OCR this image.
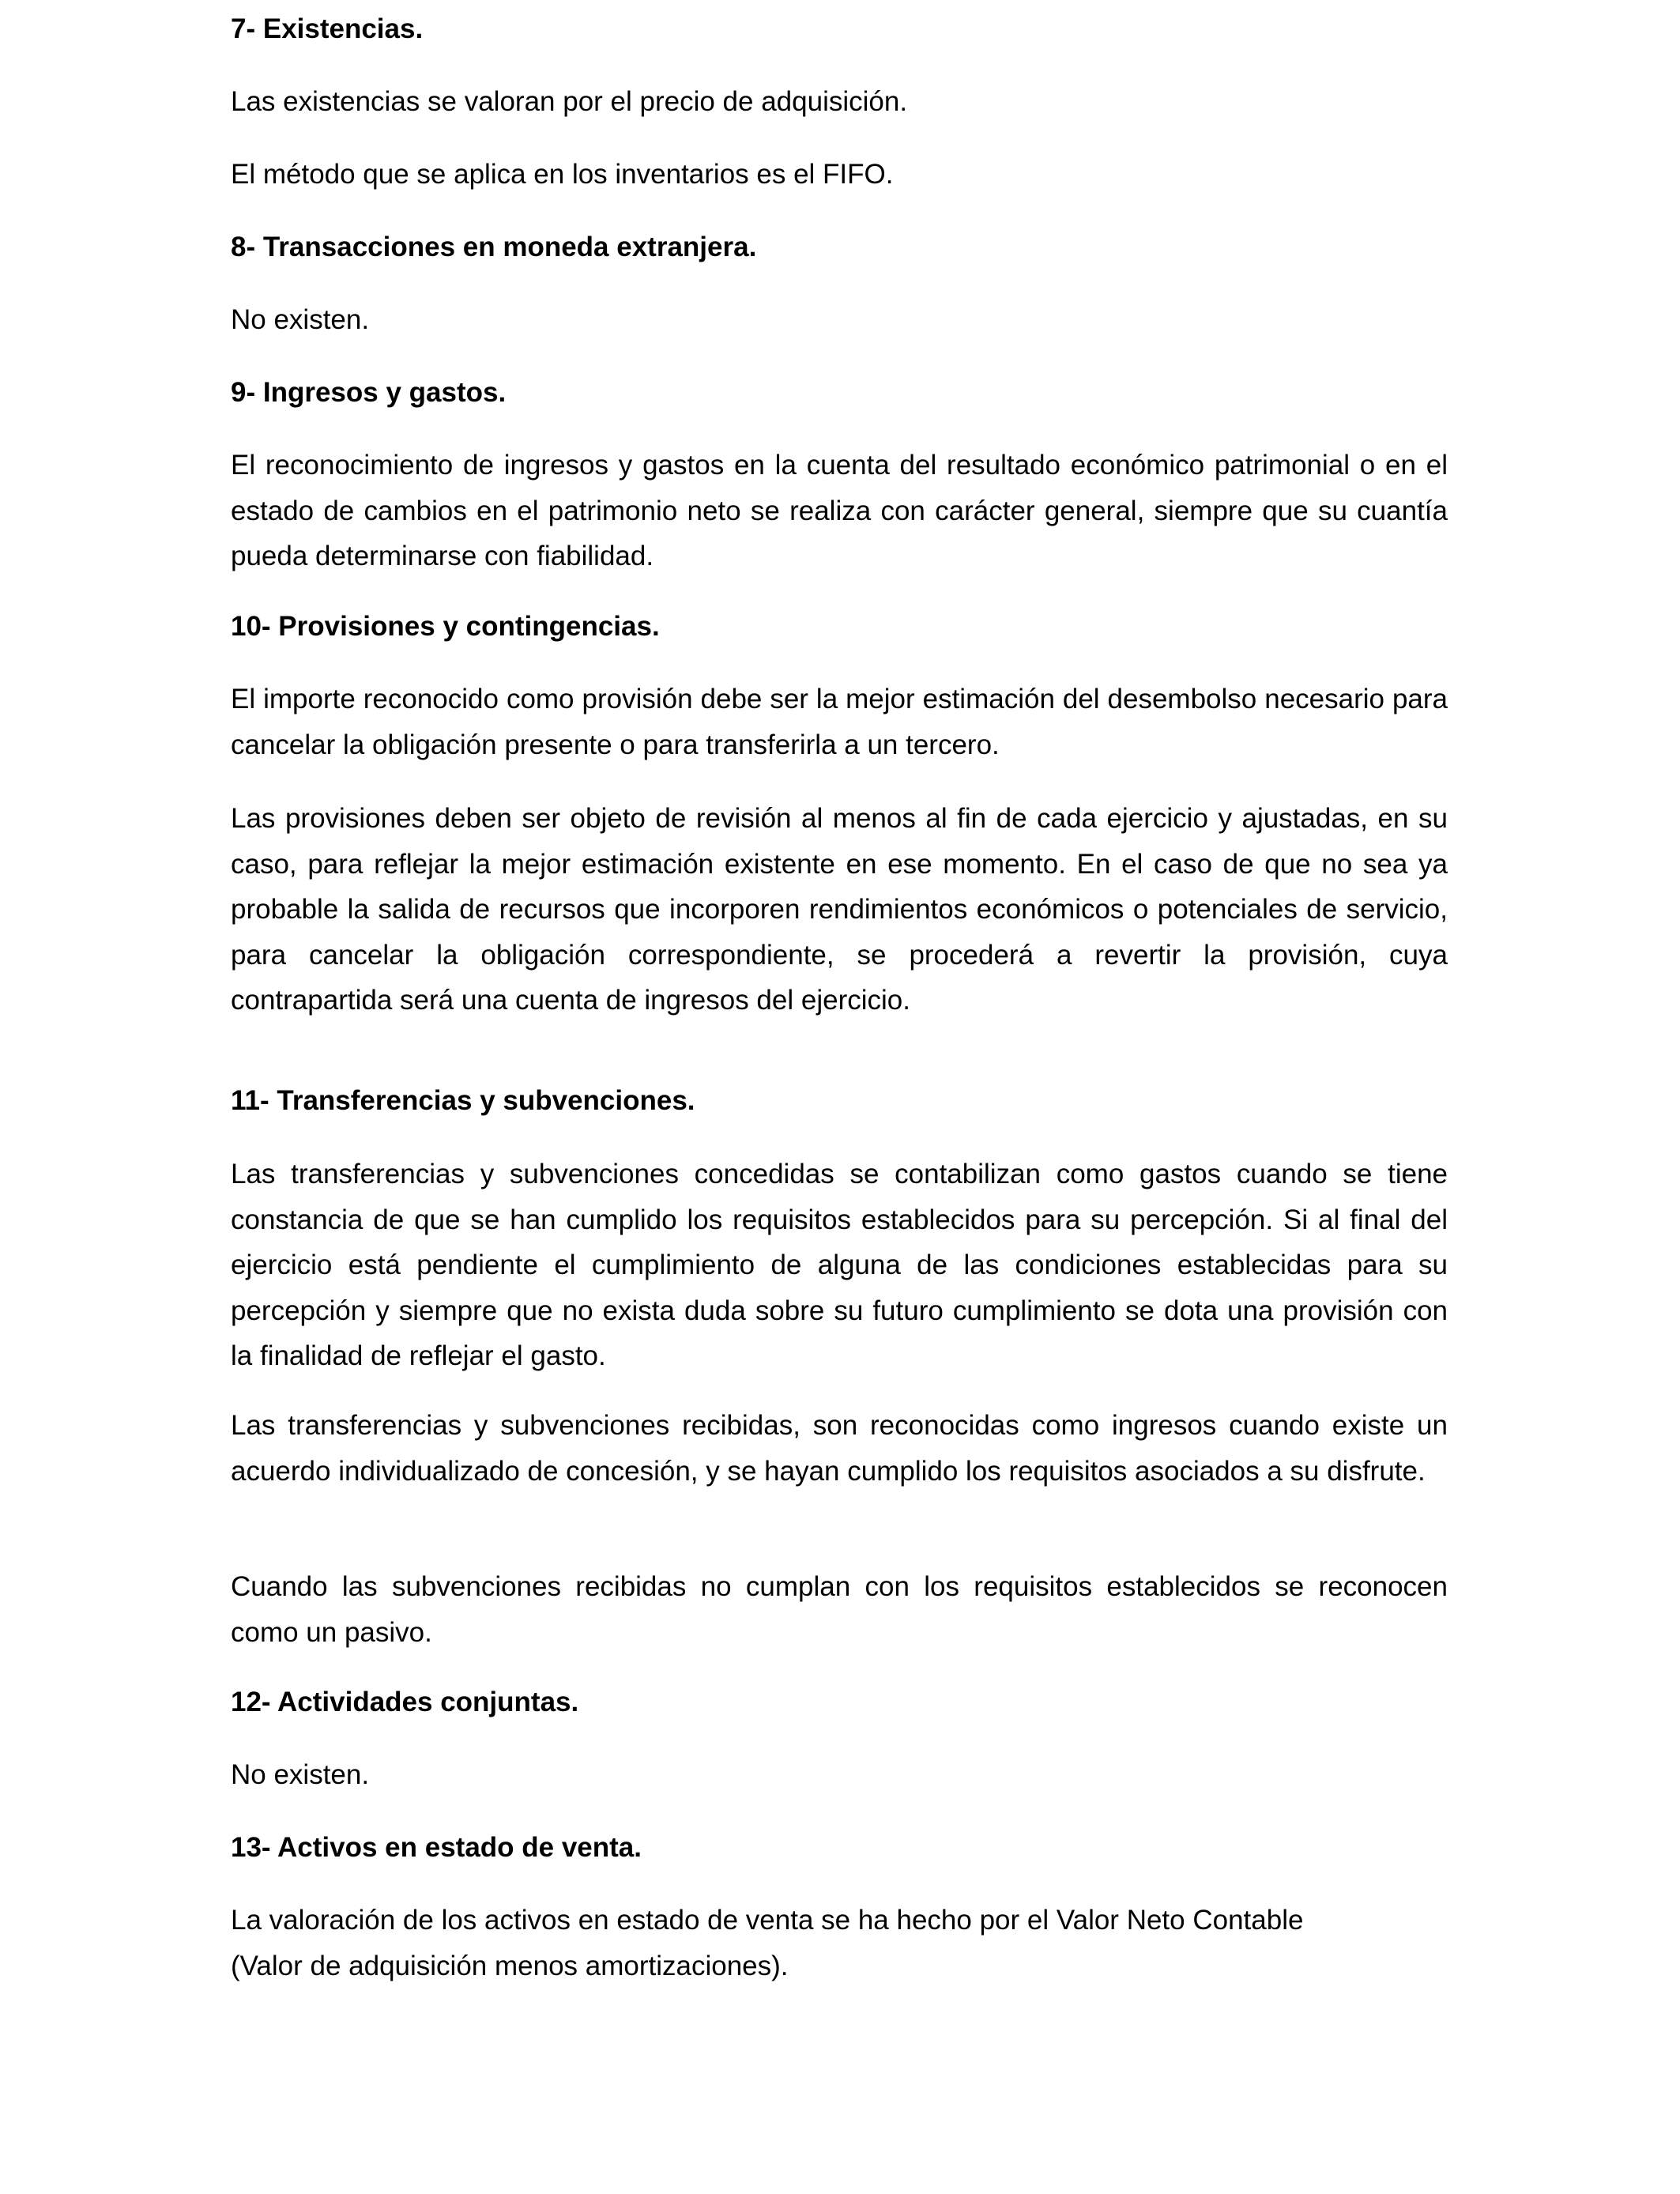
7- Existencias.

Las existencias se valoran por el precio de adquisición.

El método que se aplica en los inventarios es el FIFO.

8- Transacciones en moneda extranjera.

No existen.

9- Ingresos y gastos.

El reconocimiento de ingresos y gastos en la cuenta del resultado económico patrimonial o en el estado de cambios en el patrimonio neto se realiza con carácter general, siempre que su cuantía pueda determinarse con fiabilidad.

10- Provisiones y contingencias.

El importe reconocido como provisión debe ser la mejor estimación del desembolso necesario para cancelar la obligación presente o para transferirla a un tercero.

Las provisiones deben ser objeto de revisión al menos al fin de cada ejercicio y ajustadas, en su caso, para reflejar la mejor estimación existente en ese momento. En el caso de que no sea ya probable la salida de recursos que incorporen rendimientos económicos o potenciales de servicio, para cancelar la obligación correspondiente, se procederá a revertir la provisión, cuya contrapartida será una cuenta de ingresos del ejercicio.

11- Transferencias y subvenciones.

Las transferencias y subvenciones concedidas se contabilizan como gastos cuando se tiene constancia de que se han cumplido los requisitos establecidos para su percepción. Si al final del ejercicio está pendiente el cumplimiento de alguna de las condiciones establecidas para su percepción y siempre que no exista duda sobre su futuro cumplimiento se dota una provisión con la finalidad de reflejar el gasto.

Las transferencias y subvenciones recibidas, son reconocidas como ingresos cuando existe un acuerdo individualizado de concesión, y se hayan cumplido los requisitos asociados a su disfrute.

Cuando las subvenciones recibidas no cumplan con los requisitos establecidos se reconocen como un pasivo.

12- Actividades conjuntas.

No existen.

13- Activos en estado de venta.

La valoración de los activos en estado de venta se ha hecho por el Valor Neto Contable
(Valor de adquisición menos amortizaciones).
